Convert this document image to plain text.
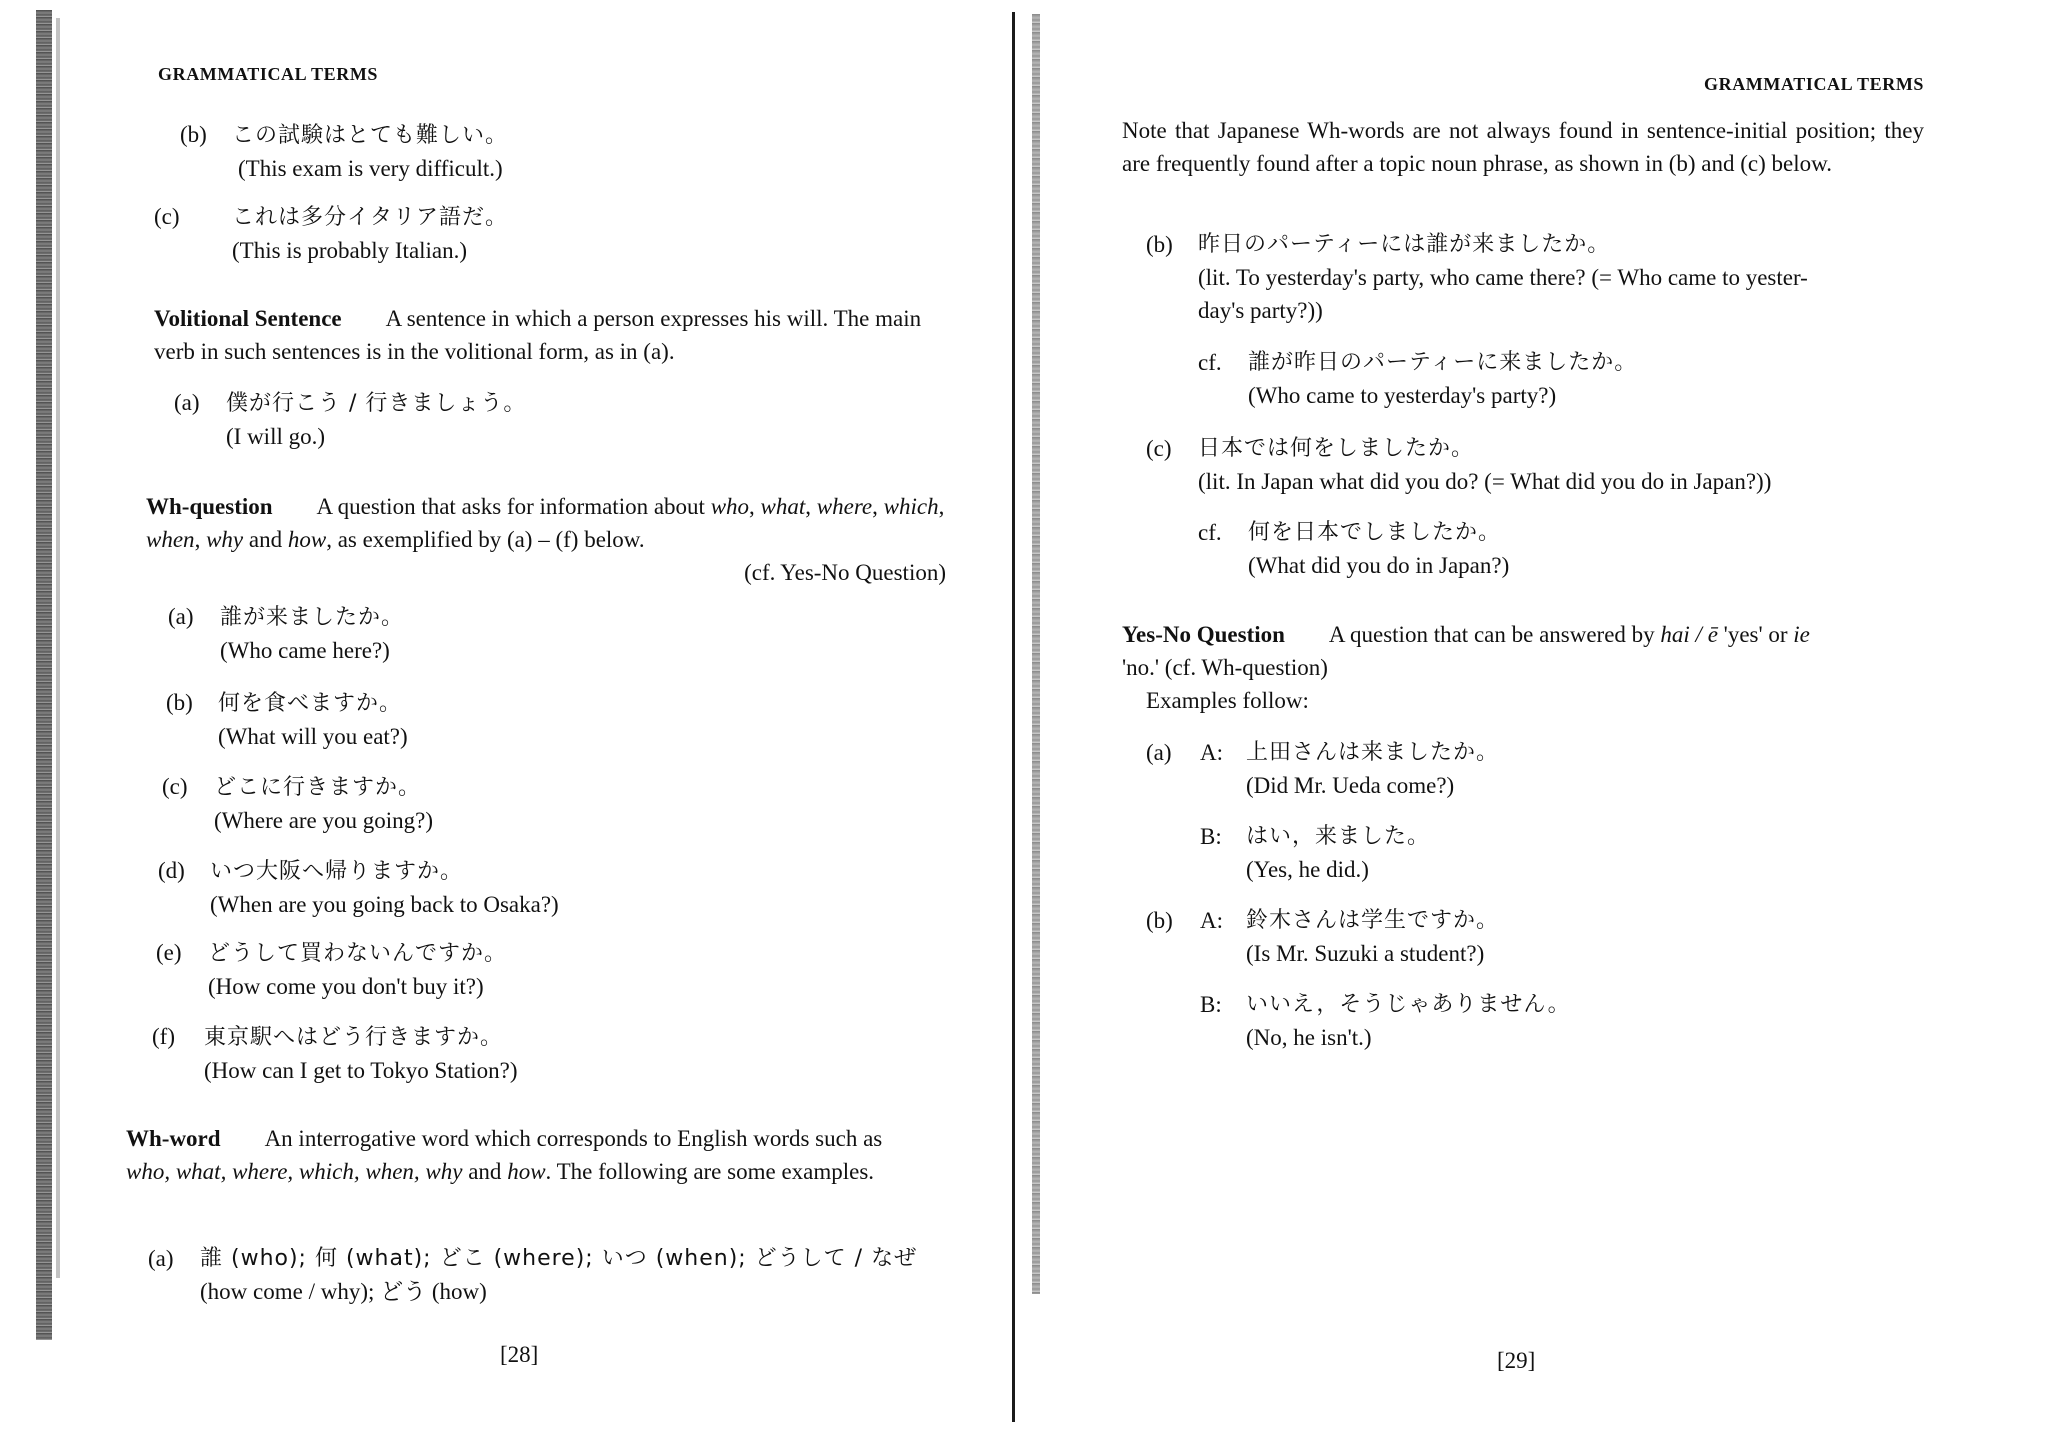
GRAMMATICAL TERMS
(b) この試験はとても難しい。
(This exam is very difficult.)
(c) これは多分イタリア語だ。
(This is probably Italian.)
Volitional Sentence A sentence in which a person expresses his will. The main verb in such sentences is in the volitional form, as in (a).
(a) 僕が行こう / 行きましょう。
(I will go.)
Wh-question A question that asks for information about who, what, where, which, when, why and how, as exemplified by (a) – (f) below.
(cf. Yes-No Question)
(a) 誰が来ましたか。
(Who came here?)
(b) 何を食べますか。
(What will you eat?)
(c) どこに行きますか。
(Where are you going?)
(d) いつ大阪へ帰りますか。
(When are you going back to Osaka?)
(e) どうして買わないんですか。
(How come you don't buy it?)
(f) 東京駅へはどう行きますか。
(How can I get to Tokyo Station?)
Wh-word An interrogative word which corresponds to English words such as who, what, where, which, when, why and how. The following are some examples.
(a) 誰 (who); 何 (what); どこ (where); いつ (when); どうして / なぜ
(how come / why); どう (how)
[28]
GRAMMATICAL TERMS
Note that Japanese Wh-words are not always found in sentence-initial position; they are frequently found after a topic noun phrase, as shown in (b) and (c) below.
(b) 昨日のパーティーには誰が来ましたか。
(lit. To yesterday's party, who came there? (= Who came to yester-
day's party?))
cf. 誰が昨日のパーティーに来ましたか。
(Who came to yesterday's party?)
(c) 日本では何をしましたか。
(lit. In Japan what did you do? (= What did you do in Japan?))
cf. 何を日本でしましたか。
(What did you do in Japan?)
Yes-No Question A question that can be answered by hai / ē 'yes' or ie
'no.' (cf. Wh-question)
Examples follow:
(a) A: 上田さんは来ましたか。
(Did Mr. Ueda come?)
B: はい，来ました。
(Yes, he did.)
(b) A: 鈴木さんは学生ですか。
(Is Mr. Suzuki a student?)
B: いいえ，そうじゃありません。
(No, he isn't.)
[29]
